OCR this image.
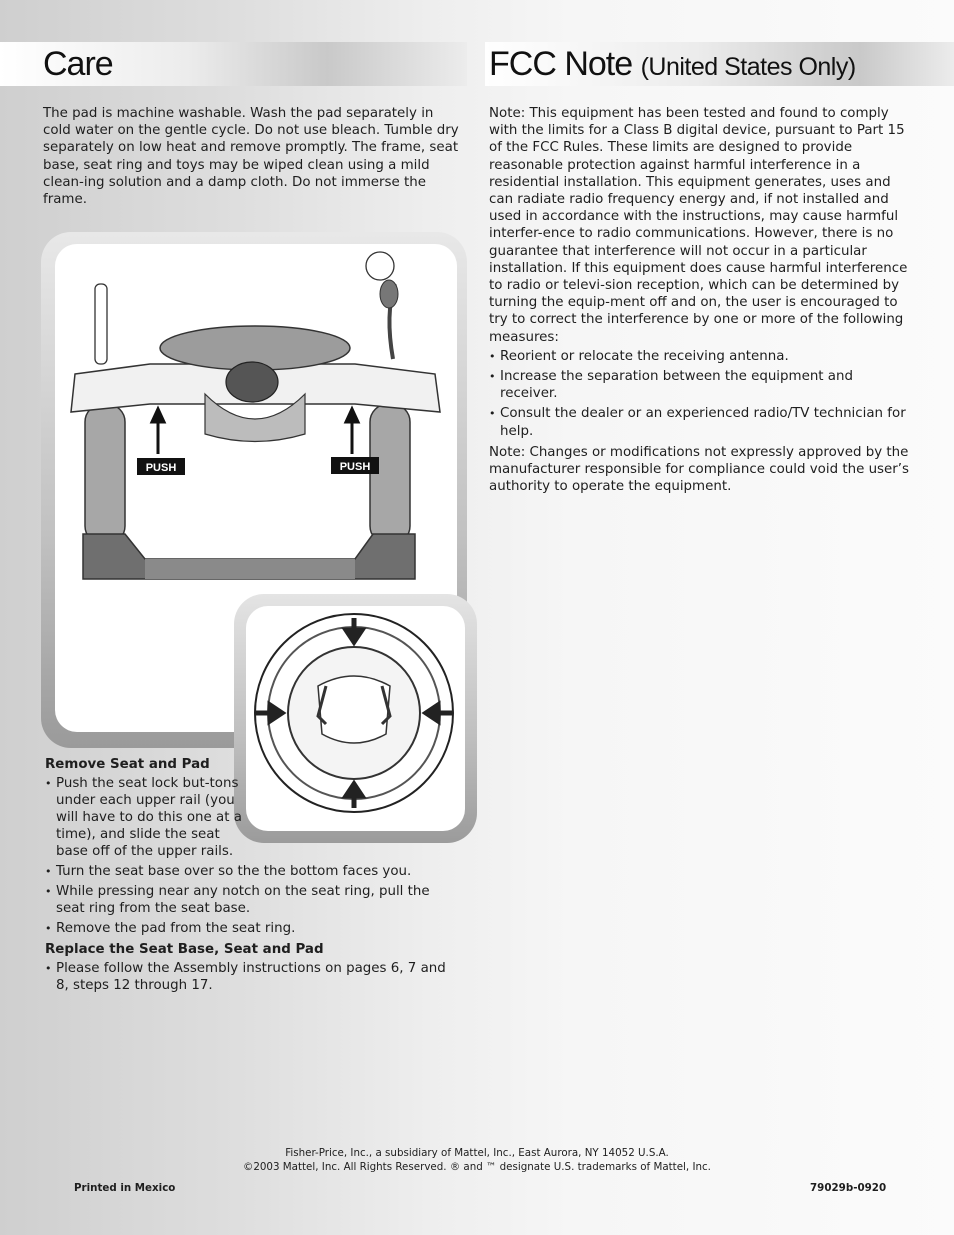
Care	FCC Note (United States Only)

The pad is machine washable. Wash the pad separately in cold water on the gentle cycle. Do not use bleach. Tumble dry separately on low heat and remove promptly. The frame, seat base, seat ring and toys may be wiped clean using a mild clean-ing solution and a damp cloth. Do not immerse the frame.

PUSH	PUSH

Remove Seat and Pad

• Push the seat lock but-tons under each upper rail (you will have to do this one at a time), and slide the seat base off of the upper rails.
• Turn the seat base over so the the bottom faces you.
• While pressing near any notch on the seat ring, pull the seat ring from the seat base.
• Remove the pad from the seat ring.

Replace the Seat Base, Seat and Pad

• Please follow the Assembly instructions on pages 6, 7 and 8, steps 12 through 17.

Note: This equipment has been tested and found to comply with the limits for a Class B digital device, pursuant to Part 15 of the FCC Rules. These limits are designed to provide reasonable protection against harmful interference in a residential installation. This equipment generates, uses and can radiate radio frequency energy and, if not installed and used in accordance with the instructions, may cause harmful interfer-ence to radio communications. However, there is no guarantee that interference will not occur in a particular installation. If this equipment does cause harmful interference to radio or televi-sion reception, which can be determined by turning the equip-ment off and on, the user is encouraged to try to correct the interference by one or more of the following measures:

• Reorient or relocate the receiving antenna.
• Increase the separation between the equipment and receiver.
• Consult the dealer or an experienced radio/TV technician for help.

Note: Changes or modifications not expressly approved by the manufacturer responsible for compliance could void the user’s authority to operate the equipment.

Fisher-Price, Inc., a subsidiary of Mattel, Inc., East Aurora, NY 14052 U.S.A.
©2003 Mattel, Inc. All Rights Reserved. ® and ™ designate U.S. trademarks of Mattel, Inc.
Printed in Mexico	79029b-0920
